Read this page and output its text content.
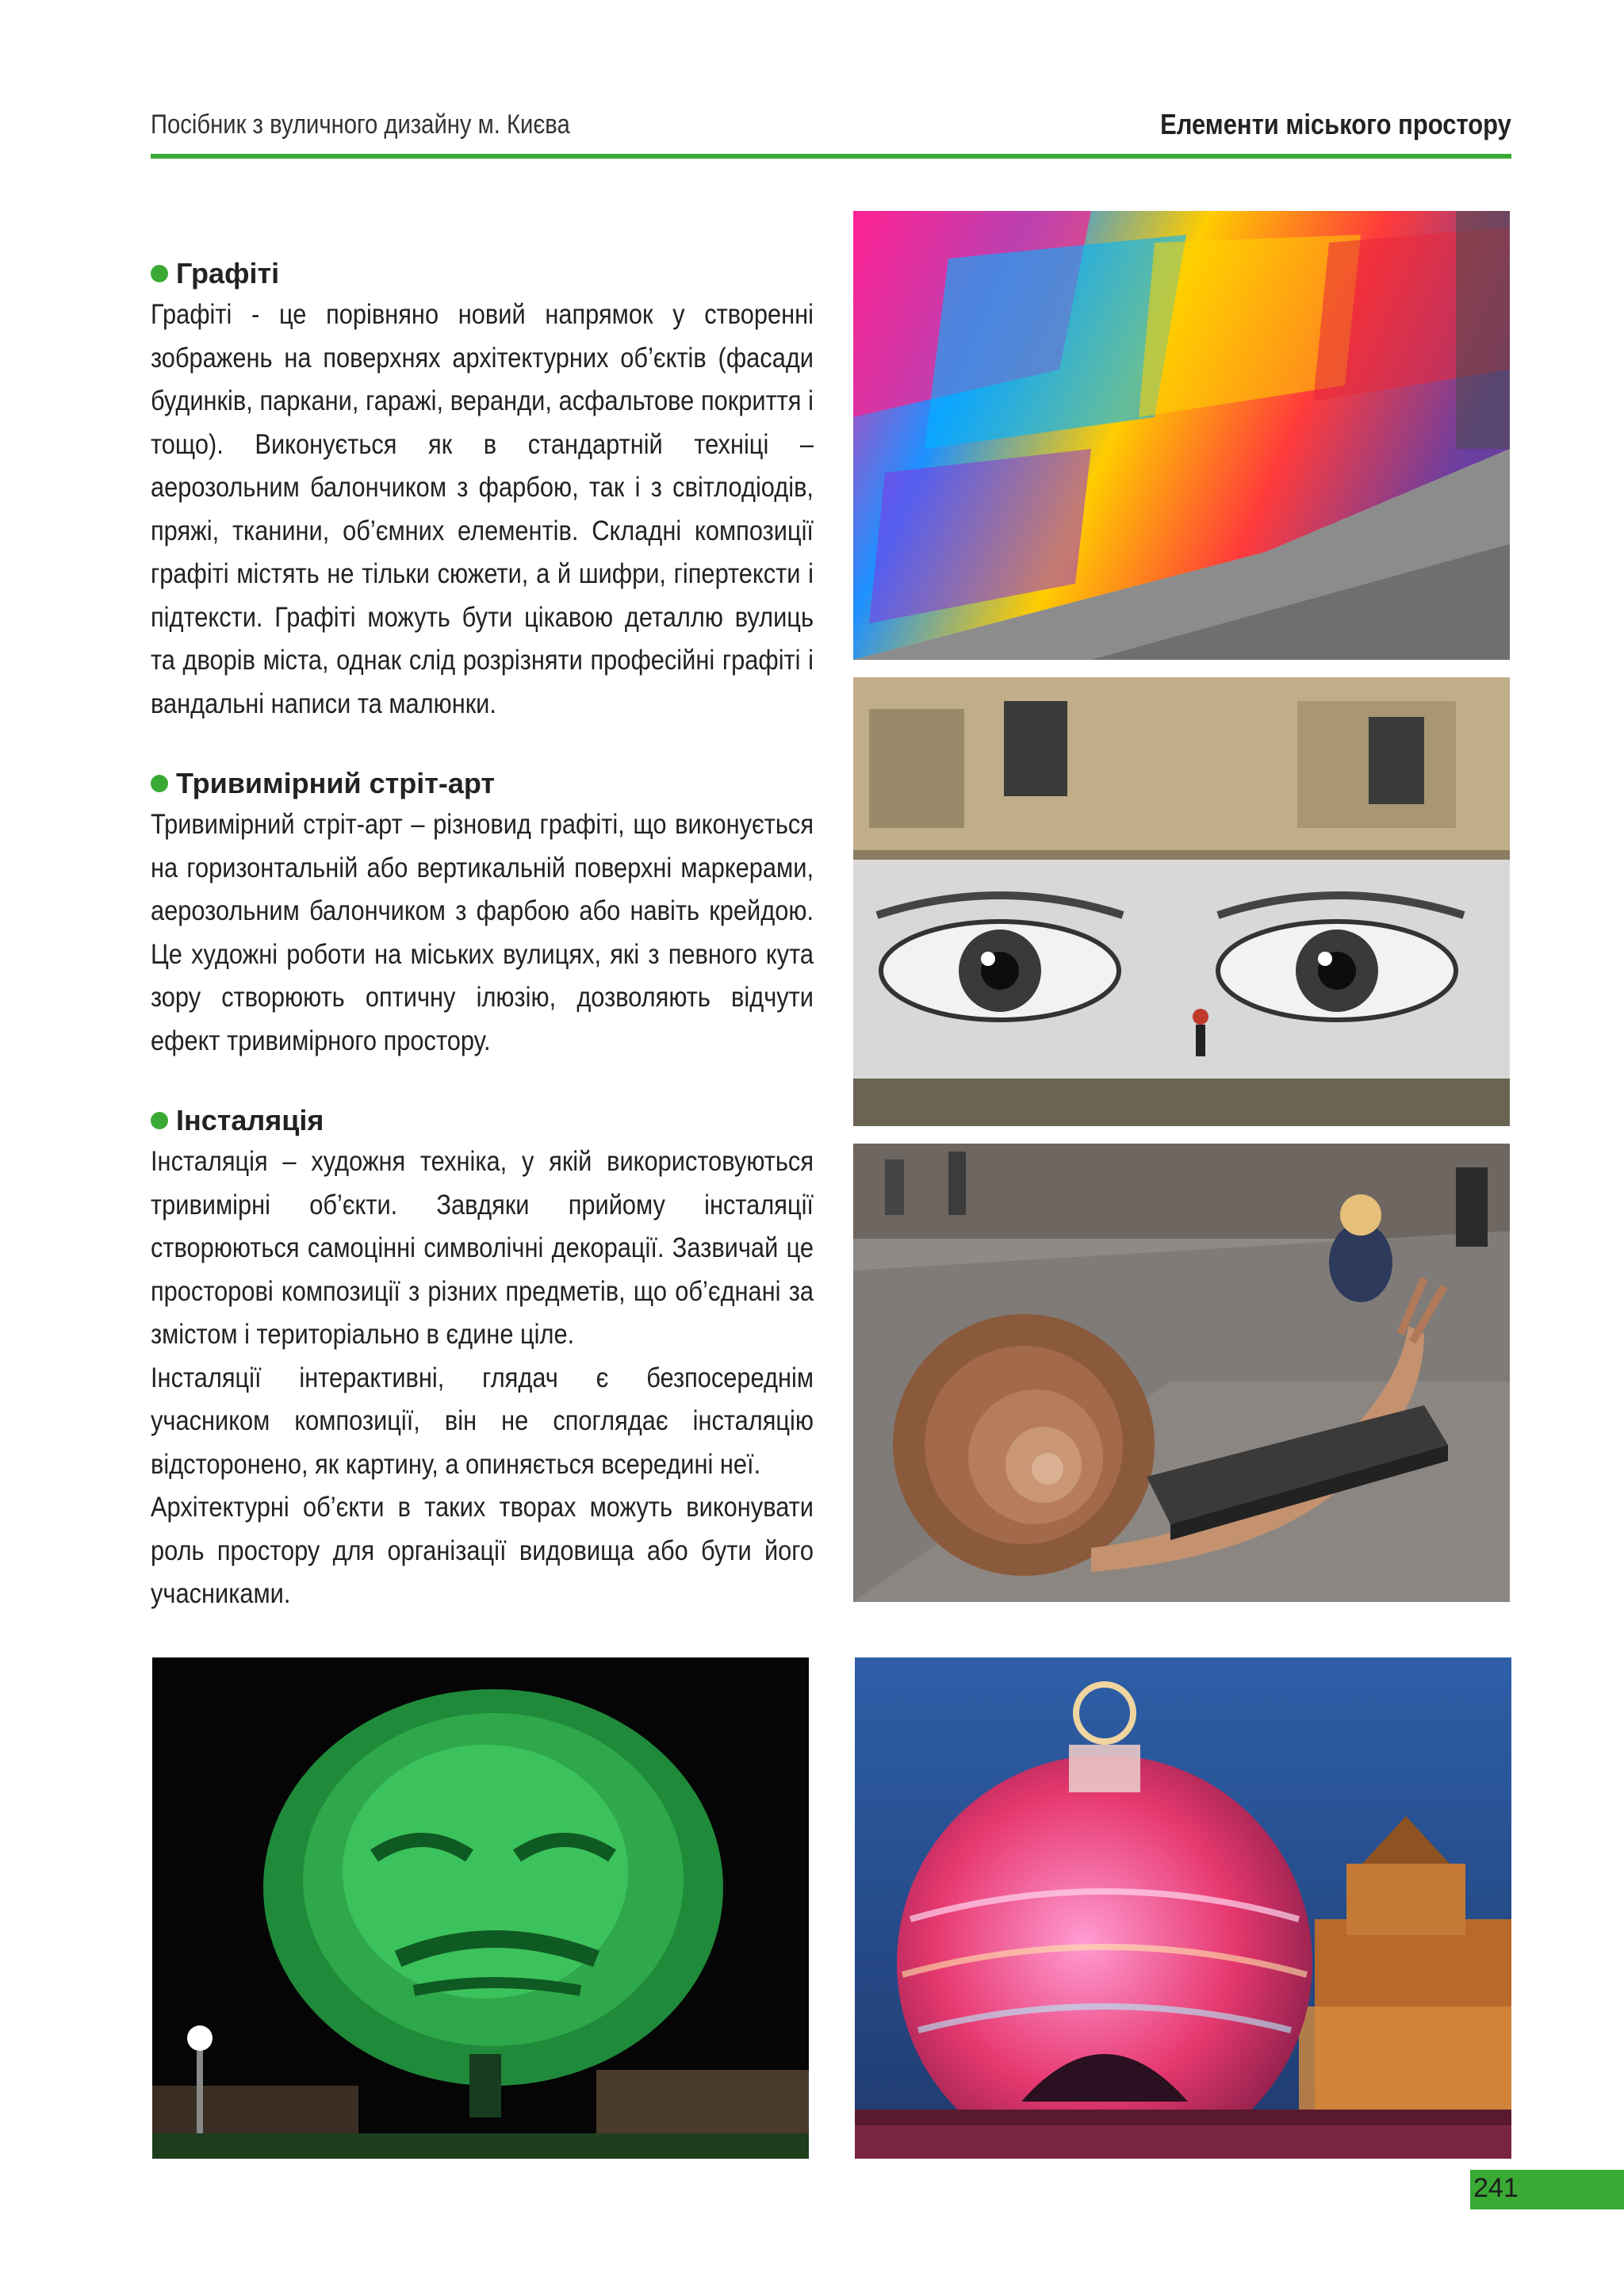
Посібник з вуличного дизайну м. Києва	Елементи міського простору
Графіті

Графіті - це порівняно новий напрямок у створенні зображень на поверхнях архітектурних об’єктів (фасади будинків, паркани, гаражі, веранди, асфальтове покриття і тощо). Виконується як в стандартній техніці – аерозольним балончиком з фарбою, так і з світлодіодів, пряжі, тканини, об’ємних елементів. Складні композиції графіті містять не тільки сюжети, а й шифри, гіпертексти і підтексти. Графіті можуть бути цікавою деталлю вулиць та дворів міста, однак слід розрізняти професійні графіті і вандальні написи та малюнки.

Тривимірний стріт-арт

Тривимірний стріт-арт – різновид графіті, що виконується на горизонтальній або вертикальній поверхні маркерами, аерозольним балончиком з фарбою або навіть крейдою. Це художні роботи на міських вулицях, які з певного кута зору створюють оптичну ілюзію, дозволяють відчути ефект тривимірного простору.

Інсталяція

Інсталяція – художня техніка, у якій використовуються тривимірні об’єкти. Завдяки прийому інсталяції створюються самоцінні символічні декорації. Зазвичай це просторові композиції з різних предметів, що об’єднані за змістом і територіально в єдине ціле.

Інсталяції інтерактивні, глядач є безпосереднім учасником композиції, він не споглядає інсталяцію відсторонено, як картину, а опиняється всередині неї.

Архітектурні об’єкти в таких творах можуть виконувати роль простору для організації видовища або бути його учасниками.

241
